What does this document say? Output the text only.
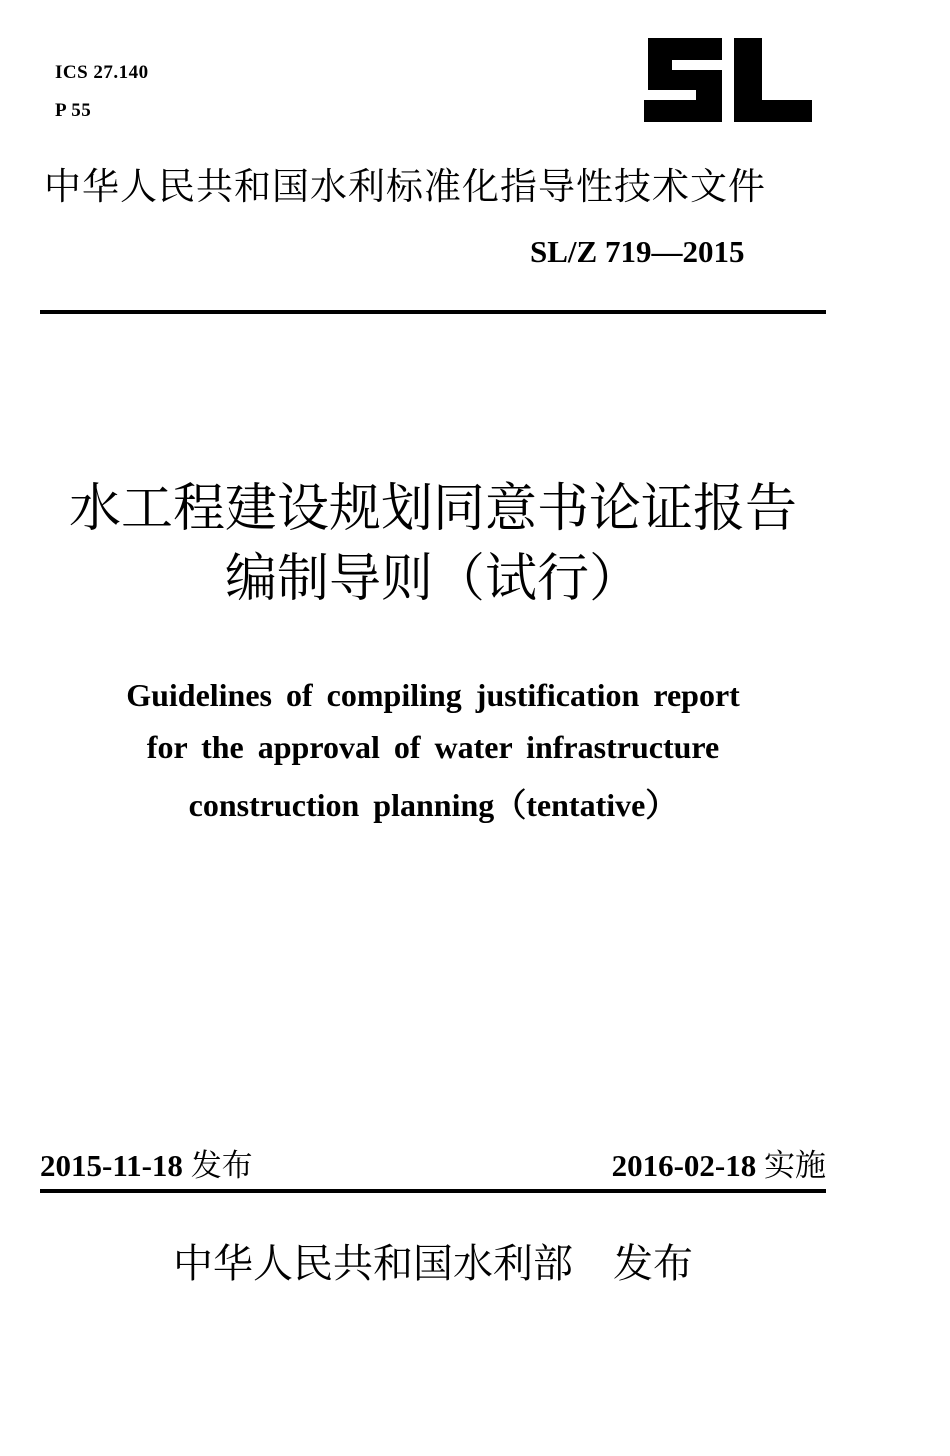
ICS 27.140
P 55
中华人民共和国水利标准化指导性技术文件
SL/Z 719—2015
水工程建设规划同意书论证报告
编制导则（试行）
Guidelines of compiling justification report
for the approval of water infrastructure
construction planning（tentative）
2015-11-18 发布	2016-02-18 实施
中华人民共和国水利部　发布
